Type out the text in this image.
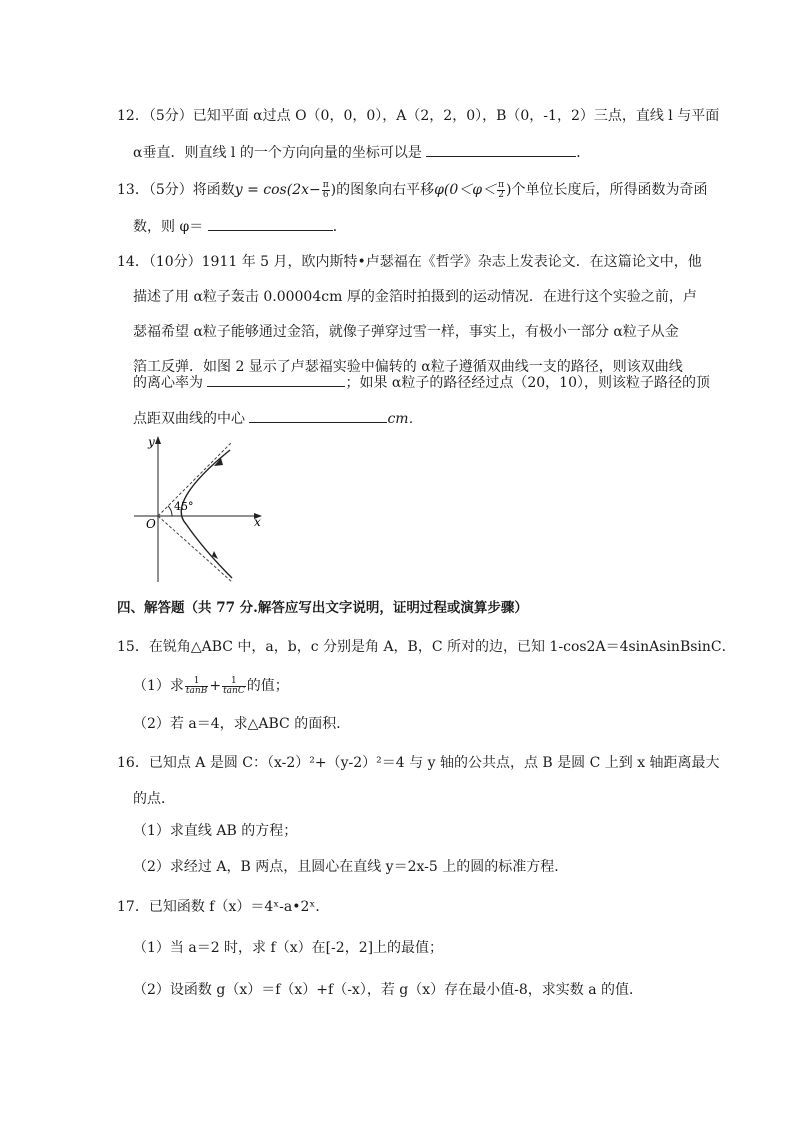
12．（5分）已知平面 α过点 O（0，0，0），A（2，2，0），B（0，-1，2）三点，直线 l 与平面
α垂直．则直线 l 的一个方向向量的坐标可以是	．
13．（5分）将函数$y = \cos(2x- \frac{\pi}{6}$ )的图象向右平移$\varphi(0<\varphi< \frac{\pi}{2}$ )个单位长度后，所得函数为奇函
数，则 φ＝	．
14．（10分）1911 年 5 月，欧内斯特•卢瑟福在《哲学》杂志上发表论文．在这篇论文中，他
描述了用 α粒子轰击 0.00004cm 厚的金箔时拍摄到的运动情况．在进行这个实验之前，卢
瑟福希望 α粒子能够通过金箔，就像子弹穿过雪一样，事实上，有极小一部分 α粒子从金
箔工反弹．如图 2 显示了卢瑟福实验中偏转的 α粒子遵循双曲线一支的路径，则该双曲线
的离心率为	；如果 α粒子的路径经过点（20，10），则该粒子路径的顶
点距双曲线的中心	cm．
y
x
O
45°
四、解答题（共 77 分.解答应写出文字说明，证明过程或演算步骤）
15．在锐角△ABC 中，a，b，c 分别是角 A，B，C 所对的边，已知 1-cos2A＝4sinAsinBsinC．
（1）求 $\frac{1}{\tan B} + \frac{1}{\tan C}$ 的值；
（2）若 a＝4，求△ABC 的面积．
16．已知点 A 是圆 C：（x-2）²+（y-2）²＝4 与 y 轴的公共点，点 B 是圆 C 上到 x 轴距离最大
的点．
（1）求直线 AB 的方程；
（2）求经过 A，B 两点，且圆心在直线 y＝2x-5 上的圆的标准方程．
17．已知函数 f（x）＝4ˣ-a•2ˣ．
（1）当 a＝2 时，求 f（x）在[-2，2]上的最值；
（2）设函数 g（x）＝f（x）+f（-x），若 g（x）存在最小值-8，求实数 a 的值．
